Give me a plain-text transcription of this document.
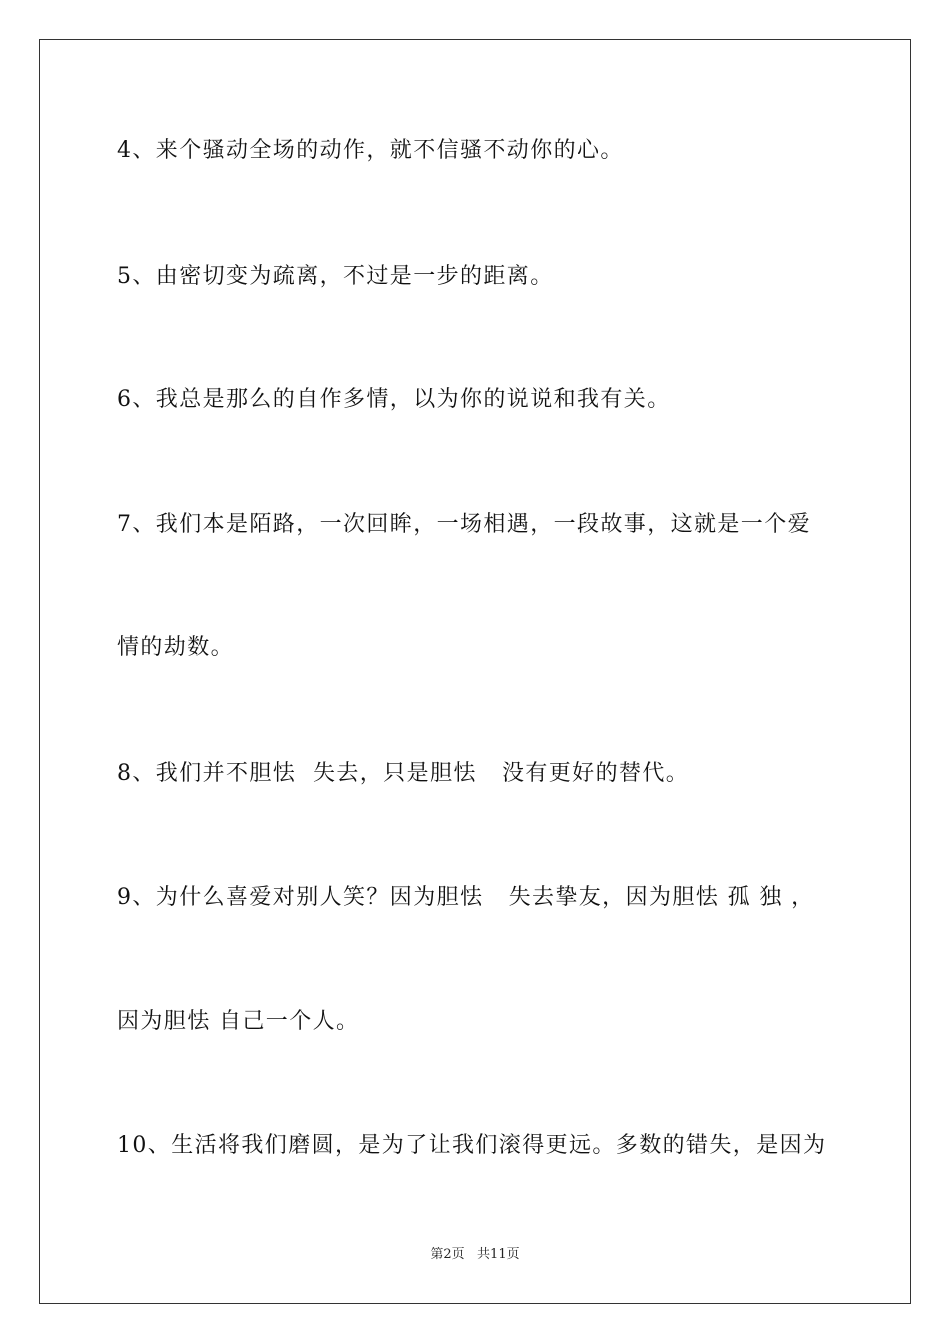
4、来个骚动全场的动作，就不信骚不动你的心。

5、由密切变为疏离，不过是一步的距离。

6、我总是那么的自作多情，以为你的说说和我有关。

7、我们本是陌路，一次回眸，一场相遇，一段故事，这就是一个爱

情的劫数。

8、我们并不胆怯  失去，只是胆怯   没有更好的替代。

9、为什么喜爱对别人笑？因为胆怯   失去挚友，因为胆怯 孤 独 ，

因为胆怯 自己一个人。

10、生活将我们磨圆，是为了让我们滚得更远。多数的错失，是因为

第2页   共11页
